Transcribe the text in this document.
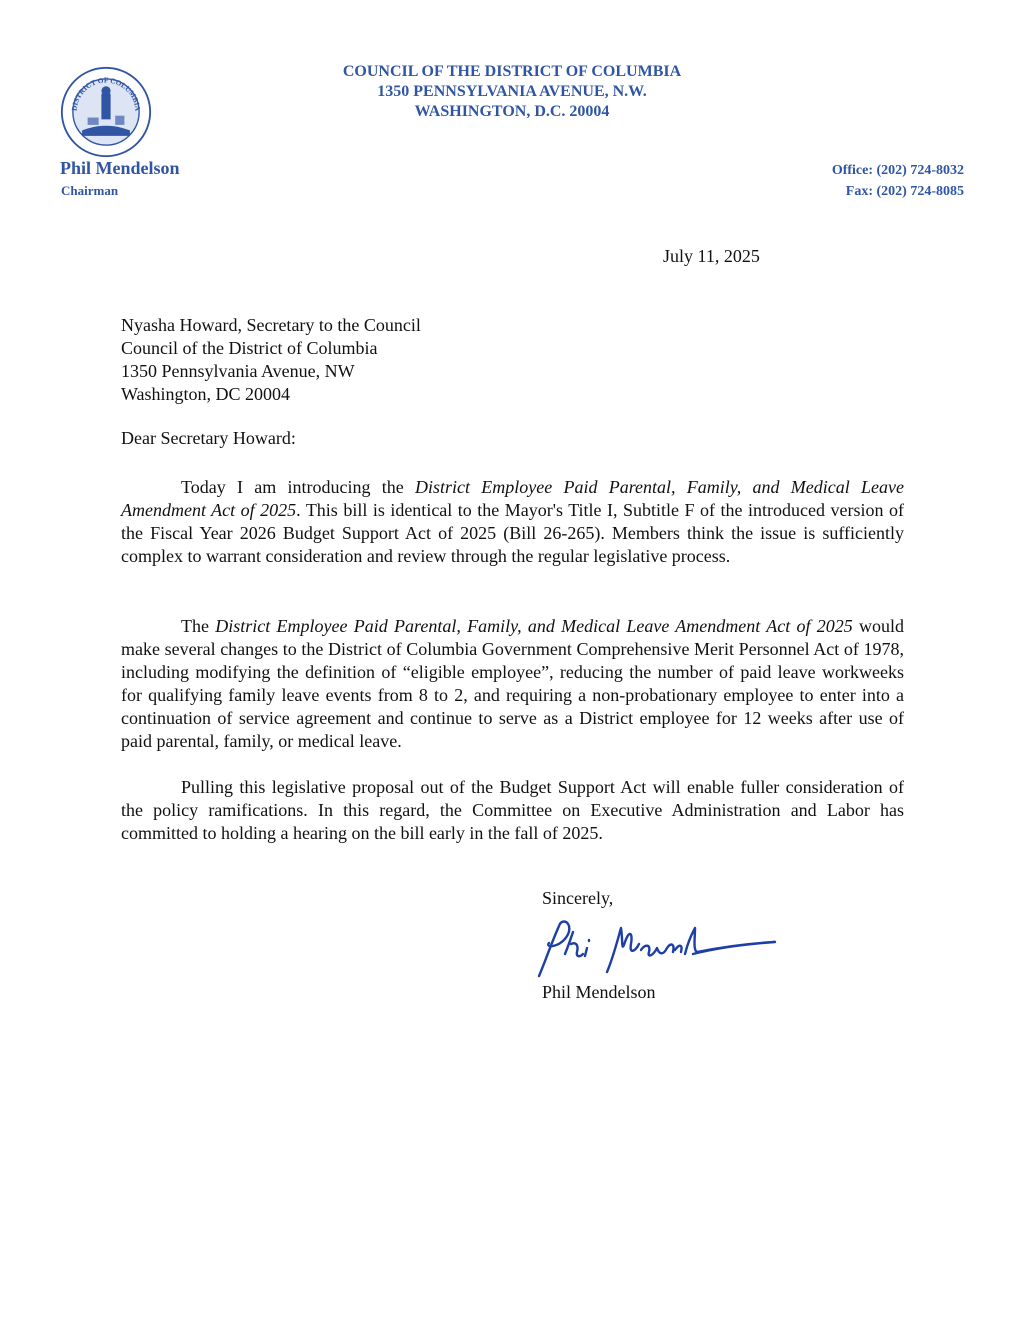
DISTRICT OF COLUMBIA
COUNCIL OF THE DISTRICT OF COLUMBIA
1350 PENNSYLVANIA AVENUE, N.W.
WASHINGTON, D.C. 20004
Phil Mendelson
Chairman
Office: (202) 724-8032
Fax: (202) 724-8085
July 11, 2025
Nyasha Howard, Secretary to the Council
Council of the District of Columbia
1350 Pennsylvania Avenue, NW
Washington, DC 20004
Dear Secretary Howard:

Today I am introducing the District Employee Paid Parental, Family, and Medical Leave Amendment Act of 2025. This bill is identical to the Mayor's Title I, Subtitle F of the introduced version of the Fiscal Year 2026 Budget Support Act of 2025 (Bill 26-265). Members think the issue is sufficiently complex to warrant consideration and review through the regular legislative process.

The District Employee Paid Parental, Family, and Medical Leave Amendment Act of 2025 would make several changes to the District of Columbia Government Comprehensive Merit Personnel Act of 1978, including modifying the definition of “eligible employee”, reducing the number of paid leave workweeks for qualifying family leave events from 8 to 2, and requiring a non-probationary employee to enter into a continuation of service agreement and continue to serve as a District employee for 12 weeks after use of paid parental, family, or medical leave.

Pulling this legislative proposal out of the Budget Support Act will enable fuller consideration of the policy ramifications. In this regard, the Committee on Executive Administration and Labor has committed to holding a hearing on the bill early in the fall of 2025.

Sincerely,
Phil Mendelson
Phil Mendelson
